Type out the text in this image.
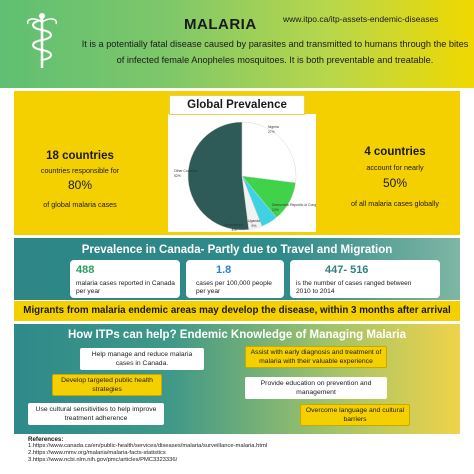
MALARIA	www.itpo.ca/itp-assets-endemic-diseases
It is a potentially fatal disease caused by parasites and transmitted to humans through the bites of infected female Anopheles mosquitoes. It is both preventable and treatable.
Nigeria
27%
Democratic Republic of Congo
12%
Uganda
5%
Mozambique
4%
Other Countries
52%
Global Prevalence
18 countries
countries responsible for
80%
of global malaria cases
4 countries
account for nearly
50%
of all malaria cases globally
Prevalence in Canada- Partly due to Travel and Migration
488
malaria cases reported in Canada per year
1.8
cases per 100,000 people per year
447- 516
is the number of cases ranged between 2010 to 2014
Migrants from malaria endemic areas may develop the disease, within 3 months after arrival
How ITPs can help? Endemic Knowledge of Managing Malaria
Help manage and reduce malaria cases in Canada.
Assist with early diagnosis and treatment of malaria with their valuable experience
Develop targeted public health strategies
Provide education on prevention and management
Use cultural sensitivities to help improve treatment adherence
Overcome language and cultural barriers
References:
1.https://www.canada.ca/en/public-health/services/diseases/malaria/surveillance-malaria.html
2.https://www.mmv.org/malaria/malaria-facts-statistics
3.https://www.ncbi.nlm.nih.gov/pmc/articles/PMC3323336/
